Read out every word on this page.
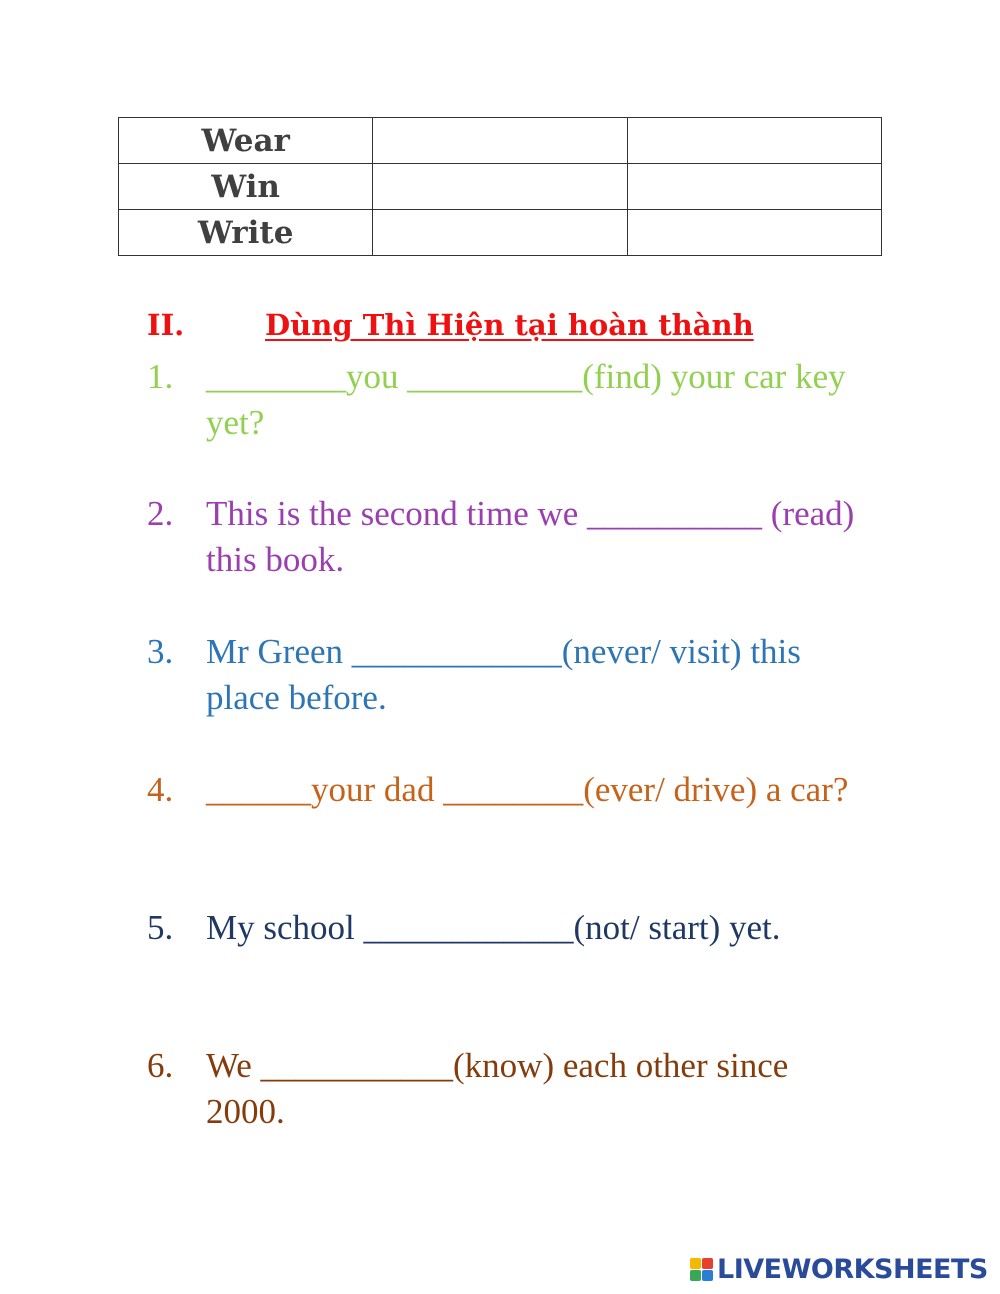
Wear		
Win		
Write		
II.	Dùng Thì Hiện tại hoàn thành
1. ________you __________(find) your car key yet?
2. This is the second time we __________ (read) this book.
3. Mr Green ____________(never/ visit) this place before.
4. ______your dad ________(ever/ drive) a car?
5. My school ____________(not/ start) yet.
6. We ___________(know) each other since 2000.
LIVEWORKSHEETS
